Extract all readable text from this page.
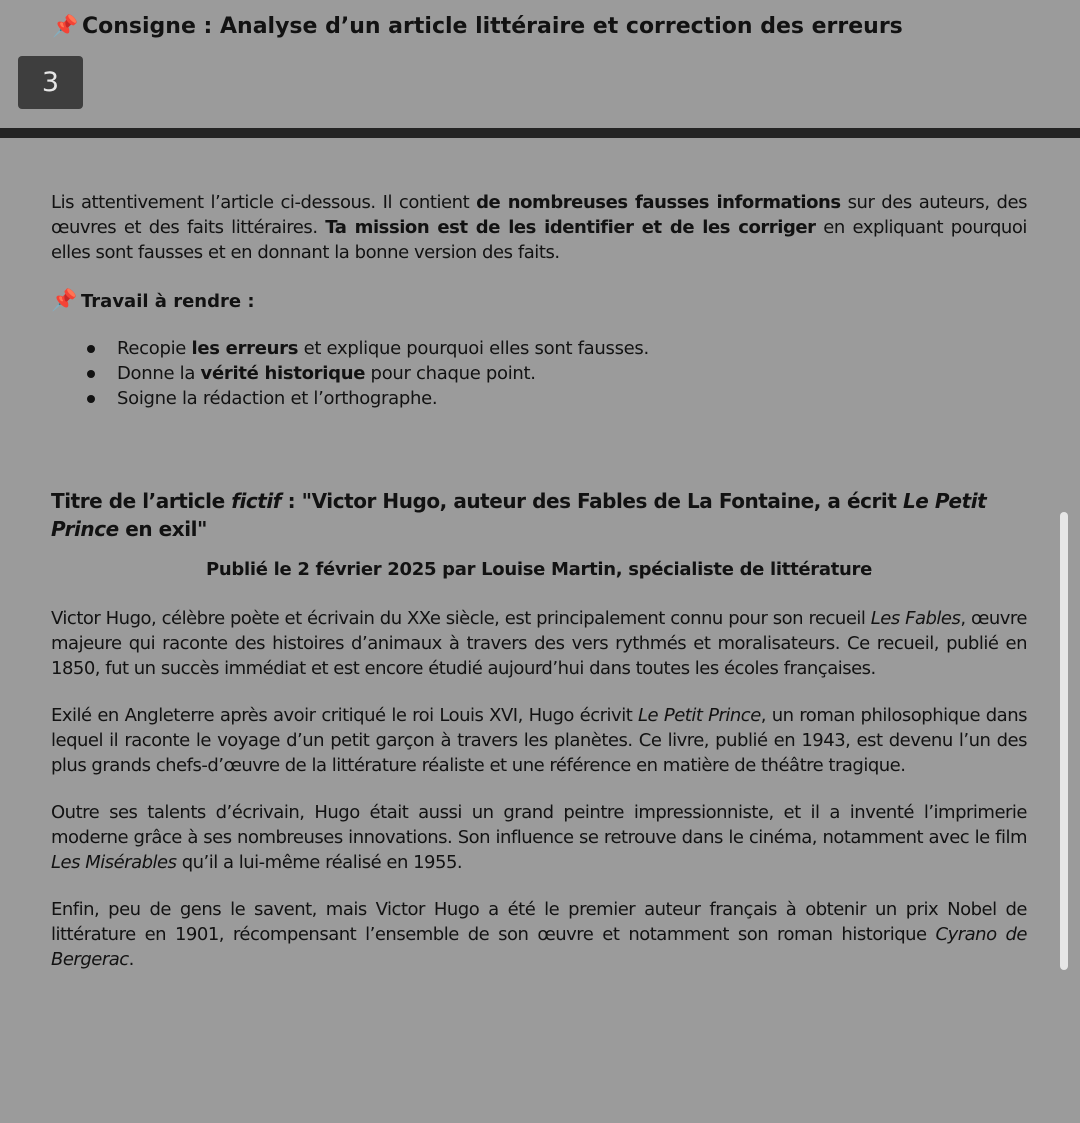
📌 Consigne : Analyse d’un article littéraire et correction des erreurs
3

Lis attentivement l’article ci-dessous. Il contient de nombreuses fausses informations sur des auteurs, des œuvres et des faits littéraires. Ta mission est de les identifier et de les corriger en expliquant pourquoi elles sont fausses et en donnant la bonne version des faits.

📌 Travail à rendre :
Recopie les erreurs et explique pourquoi elles sont fausses.
Donne la vérité historique pour chaque point.
Soigne la rédaction et l’orthographe.
Titre de l’article fictif : "Victor Hugo, auteur des Fables de La Fontaine, a écrit Le Petit Prince en exil"
Publié le 2 février 2025 par Louise Martin, spécialiste de littérature

Victor Hugo, célèbre poète et écrivain du XXe siècle, est principalement connu pour son recueil Les Fables, œuvre majeure qui raconte des histoires d’animaux à travers des vers rythmés et moralisateurs. Ce recueil, publié en 1850, fut un succès immédiat et est encore étudié aujourd’hui dans toutes les écoles françaises.

Exilé en Angleterre après avoir critiqué le roi Louis XVI, Hugo écrivit Le Petit Prince, un roman philosophique dans lequel il raconte le voyage d’un petit garçon à travers les planètes. Ce livre, publié en 1943, est devenu l’un des plus grands chefs-d’œuvre de la littérature réaliste et une référence en matière de théâtre tragique.

Outre ses talents d’écrivain, Hugo était aussi un grand peintre impressionniste, et il a inventé l’imprimerie moderne grâce à ses nombreuses innovations. Son influence se retrouve dans le cinéma, notamment avec le film Les Misérables qu’il a lui-même réalisé en 1955.

Enfin, peu de gens le savent, mais Victor Hugo a été le premier auteur français à obtenir un prix Nobel de littérature en 1901, récompensant l’ensemble de son œuvre et notamment son roman historique Cyrano de Bergerac.
